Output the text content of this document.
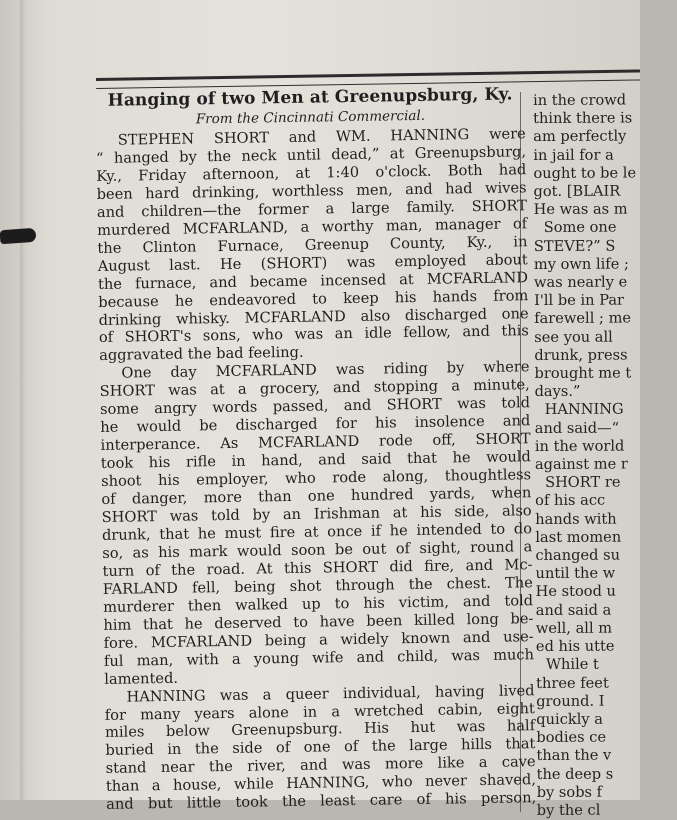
Hanging of two Men at Greenupsburg, Ky.
From the Cincinnati Commercial.
STEPHEN SHORT and WM. HANNING were
“ hanged by the neck until dead,” at Greenupsburg,
Ky., Friday afternoon, at 1:40 o'clock. Both had
been hard drinking, worthless men, and had wives
and children—the former a large family. SHORT
murdered MCFARLAND, a worthy man, manager of
the Clinton Furnace, Greenup County, Ky., in
August last. He (SHORT) was employed about
the furnace, and became incensed at MCFARLAND
because he endeavored to keep his hands from
drinking whisky. MCFARLAND also discharged one
of SHORT's sons, who was an idle fellow, and this
aggravated the bad feeling.
One day MCFARLAND was riding by where
SHORT was at a grocery, and stopping a minute,
some angry words passed, and SHORT was told
he would be discharged for his insolence and
interperance. As MCFARLAND rode off, SHORT
took his rifle in hand, and said that he would
shoot his employer, who rode along, thoughtless
of danger, more than one hundred yards, when
SHORT was told by an Irishman at his side, also
drunk, that he must fire at once if he intended to do
so, as his mark would soon be out of sight, round a
turn of the road. At this SHORT did fire, and Mc-
FARLAND fell, being shot through the chest. The
murderer then walked up to his victim, and told
him that he deserved to have been killed long be-
fore. MCFARLAND being a widely known and use-
ful man, with a young wife and child, was much
lamented.
HANNING was a queer individual, having lived
for many years alone in a wretched cabin, eight
miles below Greenupsburg. His hut was half
buried in the side of one of the large hills that
stand near the river, and was more like a cave
than a house, while HANNING, who never shaved,
and but little took the least care of his person,
in the crowd
think there is
am perfectly
in jail for a
ought to be le
got. [BLAIR
He was as m
Some one
STEVE?” S
my own life ;
was nearly e
I'll be in Par
farewell ; me
see you all
drunk, press
brought me t
days.”
HANNING
and said—“
in the world
against me r
SHORT re
of his acc
hands with
last momen
changed su
until the w
He stood u
and said a
well, all m
ed his utte
While t
three feet
ground. I
quickly a
bodies ce
than the v
the deep s
by sobs f
by the cl
